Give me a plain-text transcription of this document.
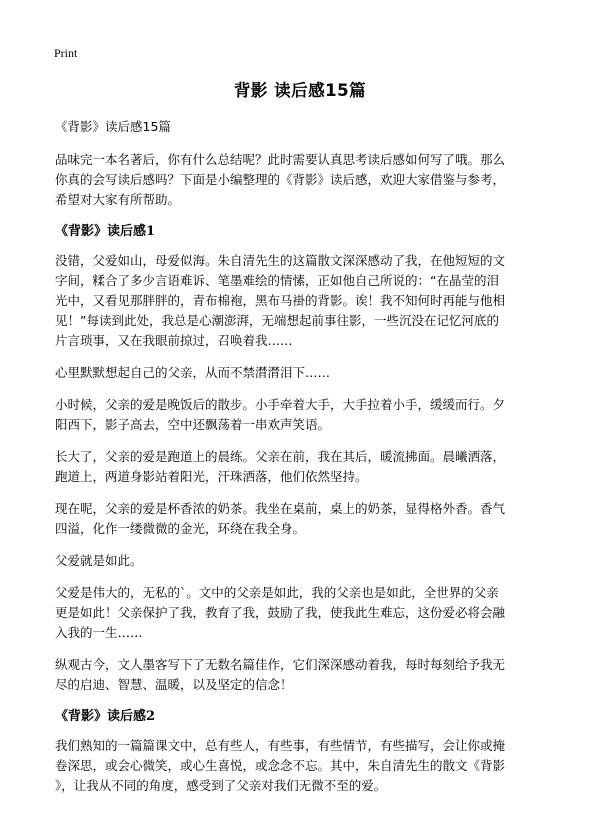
Print
背影 读后感15篇
《背影》读后感15篇

品味完一本名著后，你有什么总结呢？此时需要认真思考读后感如何写了哦。那么

你真的会写读后感吗？下面是小编整理的《背影》读后感，欢迎大家借鉴与参考，

希望对大家有所帮助。

《背影》读后感1

没错，父爱如山，母爱似海。朱自清先生的这篇散文深深感动了我，在他短短的文

字间，糅合了多少言语难诉、笔墨难绘的情愫，正如他自己所说的：“在晶莹的泪

光中，又看见那胖胖的，青布棉袍，黑布马褂的背影。诶！我不知何时再能与他相

见！”每读到此处，我总是心潮澎湃，无端想起前事往影，一些沉没在记忆河底的

片言琐事，又在我眼前掠过，召唤着我……

心里默默想起自己的父亲，从而不禁潸潸泪下……

小时候，父亲的爱是晚饭后的散步。小手牵着大手，大手拉着小手，缓缓而行。夕

阳西下，影子高去，空中还飘荡着一串欢声笑语。

长大了，父亲的爱是跑道上的晨练。父亲在前，我在其后，暖流拂面。晨曦洒落，

跑道上，两道身影站着阳光，汗珠洒落，他们依然坚持。

现在呢，父亲的爱是杯香浓的奶茶。我坐在桌前，桌上的奶茶，显得格外香。香气

四溢，化作一缕微微的金光，环绕在我全身。

父爱就是如此。

父爱是伟大的，无私的`。文中的父亲是如此，我的父亲也是如此，全世界的父亲

更是如此！父亲保护了我，教育了我，鼓励了我，使我此生难忘，这份爱必将会融

入我的一生……

纵观古今，文人墨客写下了无数名篇佳作，它们深深感动着我，每时每刻给予我无

尽的启迪、智慧、温暖，以及坚定的信念！

《背影》读后感2

我们熟知的一篇篇课文中，总有些人，有些事，有些情节，有些描写，会让你或掩

卷深思，或会心微笑，或心生喜悦，或念念不忘。其中，朱自清先生的散文《背影

》，让我从不同的角度，感受到了父亲对我们无微不至的爱。
